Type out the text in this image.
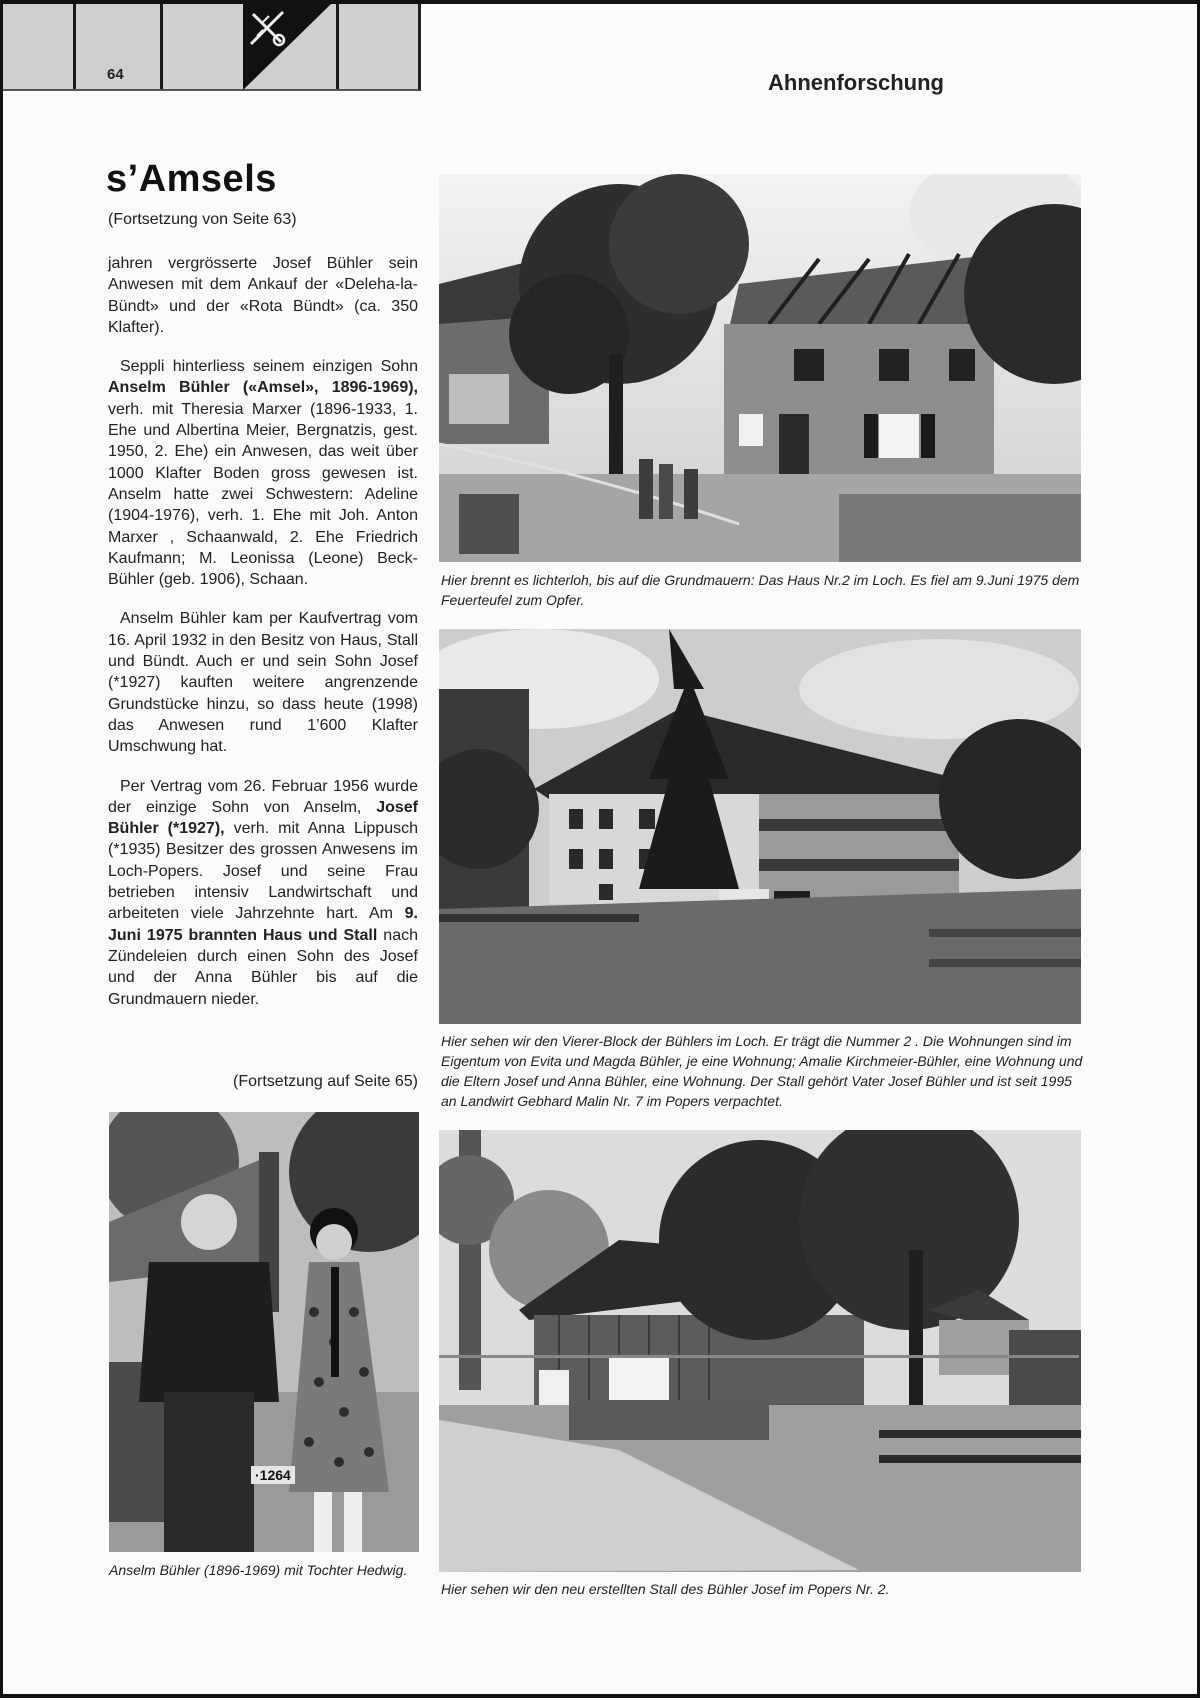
64	Ahnenforschung
s’Amsels
(Fortsetzung von Seite 63)

jahren vergrösserte Josef Bühler sein Anwesen mit dem Ankauf der «Deleha-la-Bündt» und der «Rota Bündt» (ca. 350 Klafter).

Seppli hinterliess seinem einzigen Sohn Anselm Bühler («Amsel», 1896-1969), verh. mit Theresia Marxer (1896-1933, 1. Ehe und Albertina Meier, Bergnatzis, gest. 1950, 2. Ehe) ein Anwesen, das weit über 1000 Klafter Boden gross gewesen ist. Anselm hatte zwei Schwestern: Adeline (1904-1976), verh. 1. Ehe mit Joh. Anton Marxer , Schaanwald, 2. Ehe Friedrich Kaufmann; M. Leonissa (Leone) Beck-Bühler (geb. 1906), Schaan.

Anselm Bühler kam per Kaufvertrag vom 16. April 1932 in den Besitz von Haus, Stall und Bündt. Auch er und sein Sohn Josef (*1927) kauften weitere angrenzende Grundstücke hinzu, so dass heute (1998) das Anwesen rund 1’600 Klafter Umschwung hat.

Per Vertrag vom 26. Februar 1956 wurde der einzige Sohn von Anselm, Josef Bühler (*1927), verh. mit Anna Lippusch (*1935) Besitzer des grossen Anwesens im Loch-Popers. Josef und seine Frau betrieben intensiv Landwirtschaft und arbeiteten viele Jahrzehnte hart. Am 9. Juni 1975 brannten Haus und Stall nach Zündeleien durch einen Sohn des Josef und der Anna Bühler bis auf die Grundmauern nieder.

(Fortsetzung auf Seite 65)
Hier brennt es lichterloh, bis auf die Grundmauern: Das Haus Nr.2 im Loch. Es fiel am 9.Juni 1975 dem Feuerteufel zum Opfer.
Hier sehen wir den Vierer-Block der Bühlers im Loch. Er trägt die Nummer 2 . Die Wohnungen sind im Eigentum von Evita und Magda Bühler, je eine Wohnung; Amalie Kirchmeier-Bühler, eine Wohnung und die Eltern Josef und Anna Bühler, eine Wohnung. Der Stall gehört Vater Josef Bühler und ist seit 1995 an Landwirt Gebhard Malin Nr. 7 im Popers verpachtet.
·1264
Anselm Bühler (1896-1969) mit Tochter Hedwig.
Hier sehen wir den neu erstellten Stall des Bühler Josef im Popers Nr. 2.
